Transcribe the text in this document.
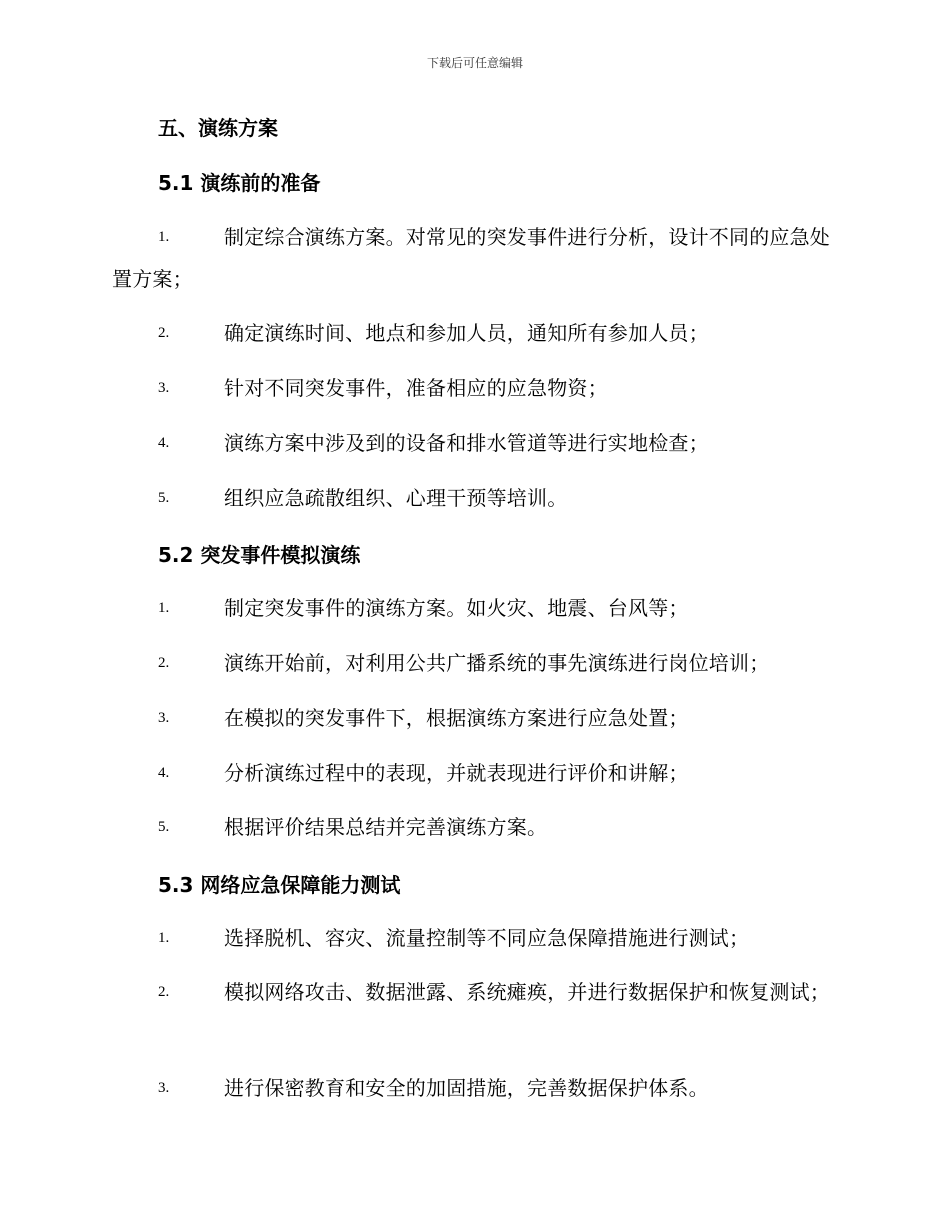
下载后可任意编辑
五、演练方案
5.1 演练前的准备
1.	制定综合演练方案。对常见的突发事件进行分析，设计不同的应急处置方案；
2.	确定演练时间、地点和参加人员，通知所有参加人员；
3.	针对不同突发事件，准备相应的应急物资；
4.	演练方案中涉及到的设备和排水管道等进行实地检查；
5.	组织应急疏散组织、心理干预等培训。
5.2 突发事件模拟演练
1.	制定突发事件的演练方案。如火灾、地震、台风等；
2.	演练开始前，对利用公共广播系统的事先演练进行岗位培训；
3.	在模拟的突发事件下，根据演练方案进行应急处置；
4.	分析演练过程中的表现，并就表现进行评价和讲解；
5.	根据评价结果总结并完善演练方案。
5.3 网络应急保障能力测试
1.	选择脱机、容灾、流量控制等不同应急保障措施进行测试；
2.	模拟网络攻击、数据泄露、系统瘫痪，并进行数据保护和恢复测试；
3.	进行保密教育和安全的加固措施，完善数据保护体系。
